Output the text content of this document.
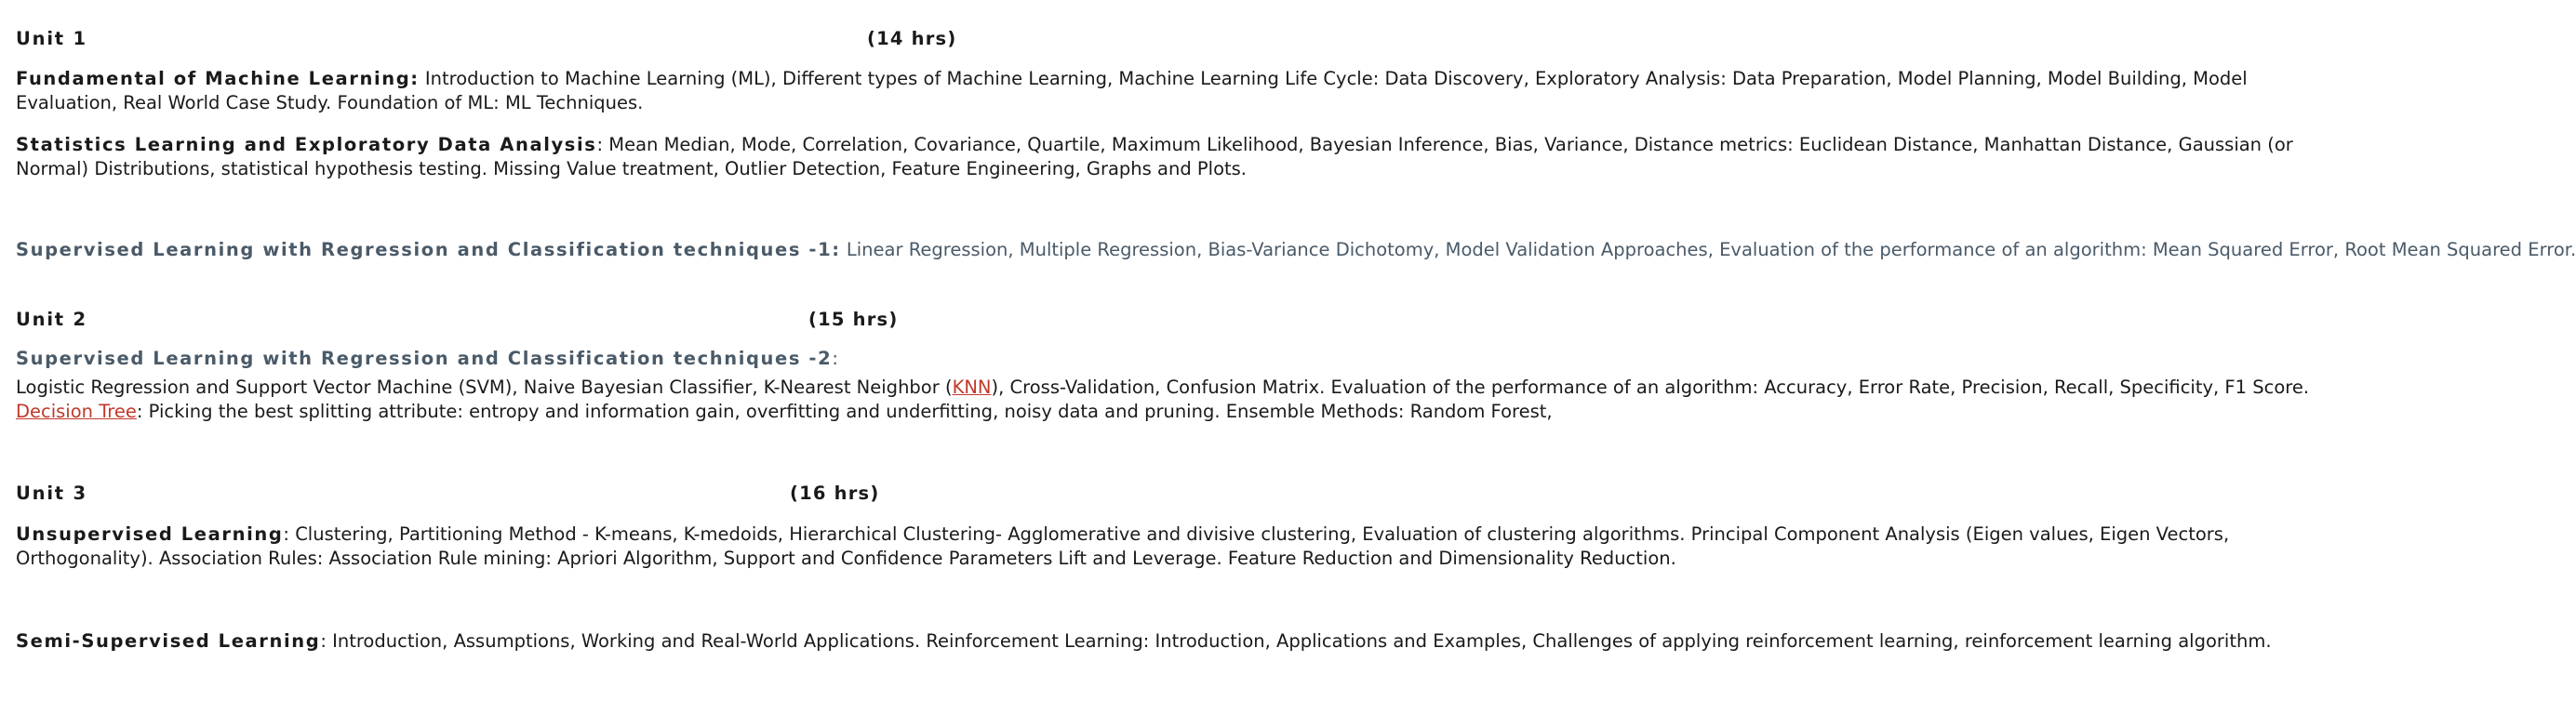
Unit 1	(14 hrs)
Fundamental of Machine Learning: Introduction to Machine Learning (ML), Different types of Machine Learning, Machine Learning Life Cycle: Data Discovery, Exploratory Analysis: Data Preparation, Model Planning, Model Building, Model Evaluation, Real World Case Study. Foundation of ML: ML Techniques.
Statistics Learning and Exploratory Data Analysis: Mean Median, Mode, Correlation, Covariance, Quartile, Maximum Likelihood, Bayesian Inference, Bias, Variance, Distance metrics: Euclidean Distance, Manhattan Distance, Gaussian (or Normal) Distributions, statistical hypothesis testing. Missing Value treatment, Outlier Detection, Feature Engineering, Graphs and Plots.
Supervised Learning with Regression and Classification techniques -1: Linear Regression, Multiple Regression, Bias-Variance Dichotomy, Model Validation Approaches, Evaluation of the performance of an algorithm: Mean Squared Error, Root Mean Squared Error.
Unit 2	(15 hrs)
Supervised Learning with Regression and Classification techniques -2:
Logistic Regression and Support Vector Machine (SVM), Naive Bayesian Classifier, K-Nearest Neighbor (KNN), Cross-Validation, Confusion Matrix. Evaluation of the performance of an algorithm: Accuracy, Error Rate, Precision, Recall, Specificity, F1 Score. Decision Tree: Picking the best splitting attribute: entropy and information gain, overfitting and underfitting, noisy data and pruning. Ensemble Methods: Random Forest,
Unit 3	(16 hrs)
Unsupervised Learning: Clustering, Partitioning Method - K-means, K-medoids, Hierarchical Clustering- Agglomerative and divisive clustering, Evaluation of clustering algorithms. Principal Component Analysis (Eigen values, Eigen Vectors, Orthogonality). Association Rules: Association Rule mining: Apriori Algorithm, Support and Confidence Parameters Lift and Leverage. Feature Reduction and Dimensionality Reduction.
Semi-Supervised Learning: Introduction, Assumptions, Working and Real-World Applications. Reinforcement Learning: Introduction, Applications and Examples, Challenges of applying reinforcement learning, reinforcement learning algorithm.
